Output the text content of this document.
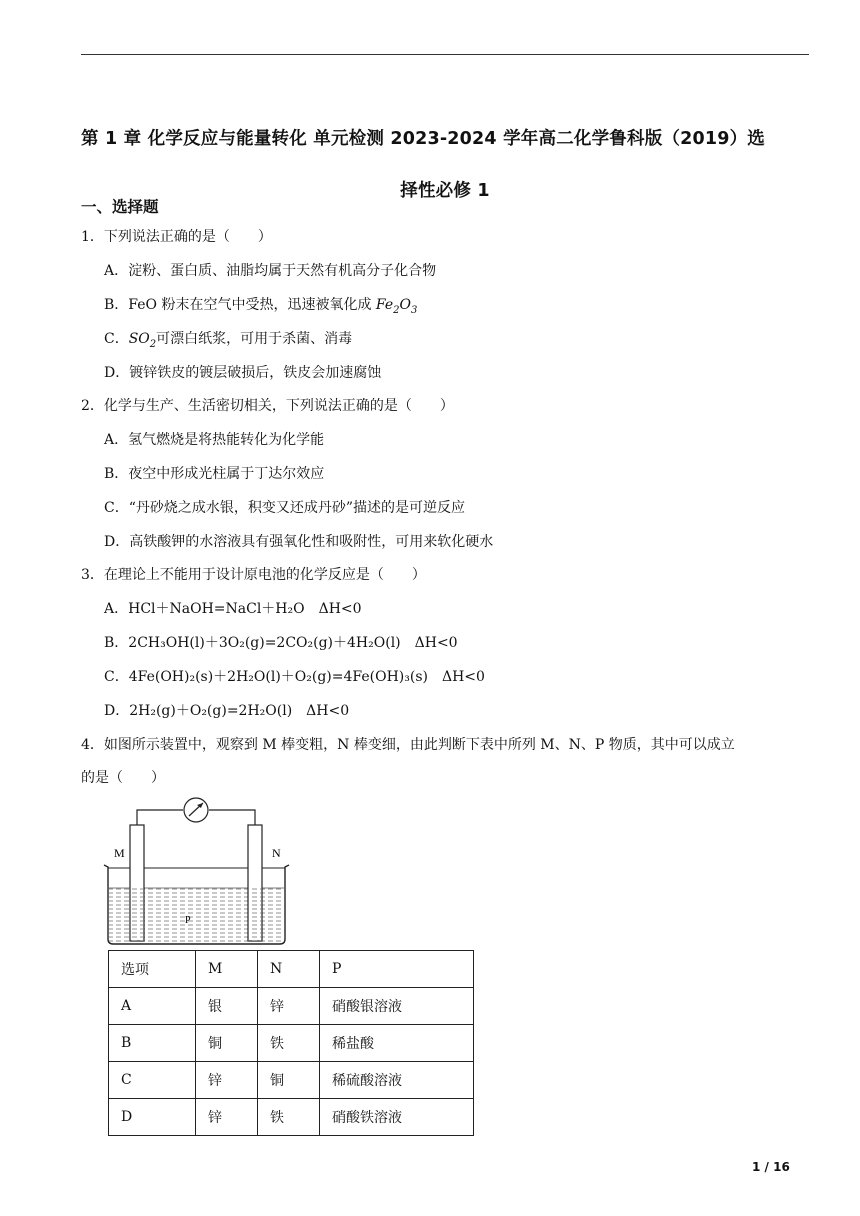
第 1 章 化学反应与能量转化 单元检测 2023-2024 学年高二化学鲁科版（2019）选
择性必修 1
一、选择题
1．下列说法正确的是（　　）
A．淀粉、蛋白质、油脂均属于天然有机高分子化合物
B．FeO 粉末在空气中受热，迅速被氧化成 $Fe_2O_3$
C．$SO_2$可漂白纸浆，可用于杀菌、消毒
D．镀锌铁皮的镀层破损后，铁皮会加速腐蚀
2．化学与生产、生活密切相关，下列说法正确的是（　　）
A．氢气燃烧是将热能转化为化学能
B．夜空中形成光柱属于丁达尔效应
C．“丹砂烧之成水银，积变又还成丹砂”描述的是可逆反应
D．高铁酸钾的水溶液具有强氧化性和吸附性，可用来软化硬水
3．在理论上不能用于设计原电池的化学反应是（　　）
A．HCl＋NaOH=NaCl＋H₂O　ΔH<0
B．2CH₃OH(l)＋3O₂(g)=2CO₂(g)＋4H₂O(l)　ΔH<0
C．4Fe(OH)₂(s)＋2H₂O(l)＋O₂(g)=4Fe(OH)₃(s)　ΔH<0
D．2H₂(g)＋O₂(g)=2H₂O(l)　ΔH<0
4．如图所示装置中，观察到 M 棒变粗，N 棒变细，由此判断下表中所列 M、N、P 物质，其中可以成立
的是（　　）
M	N
P
选项	M	N	P
A	银	锌	硝酸银溶液
B	铜	铁	稀盐酸
C	锌	铜	稀硫酸溶液
D	锌	铁	硝酸铁溶液
1 / 16
